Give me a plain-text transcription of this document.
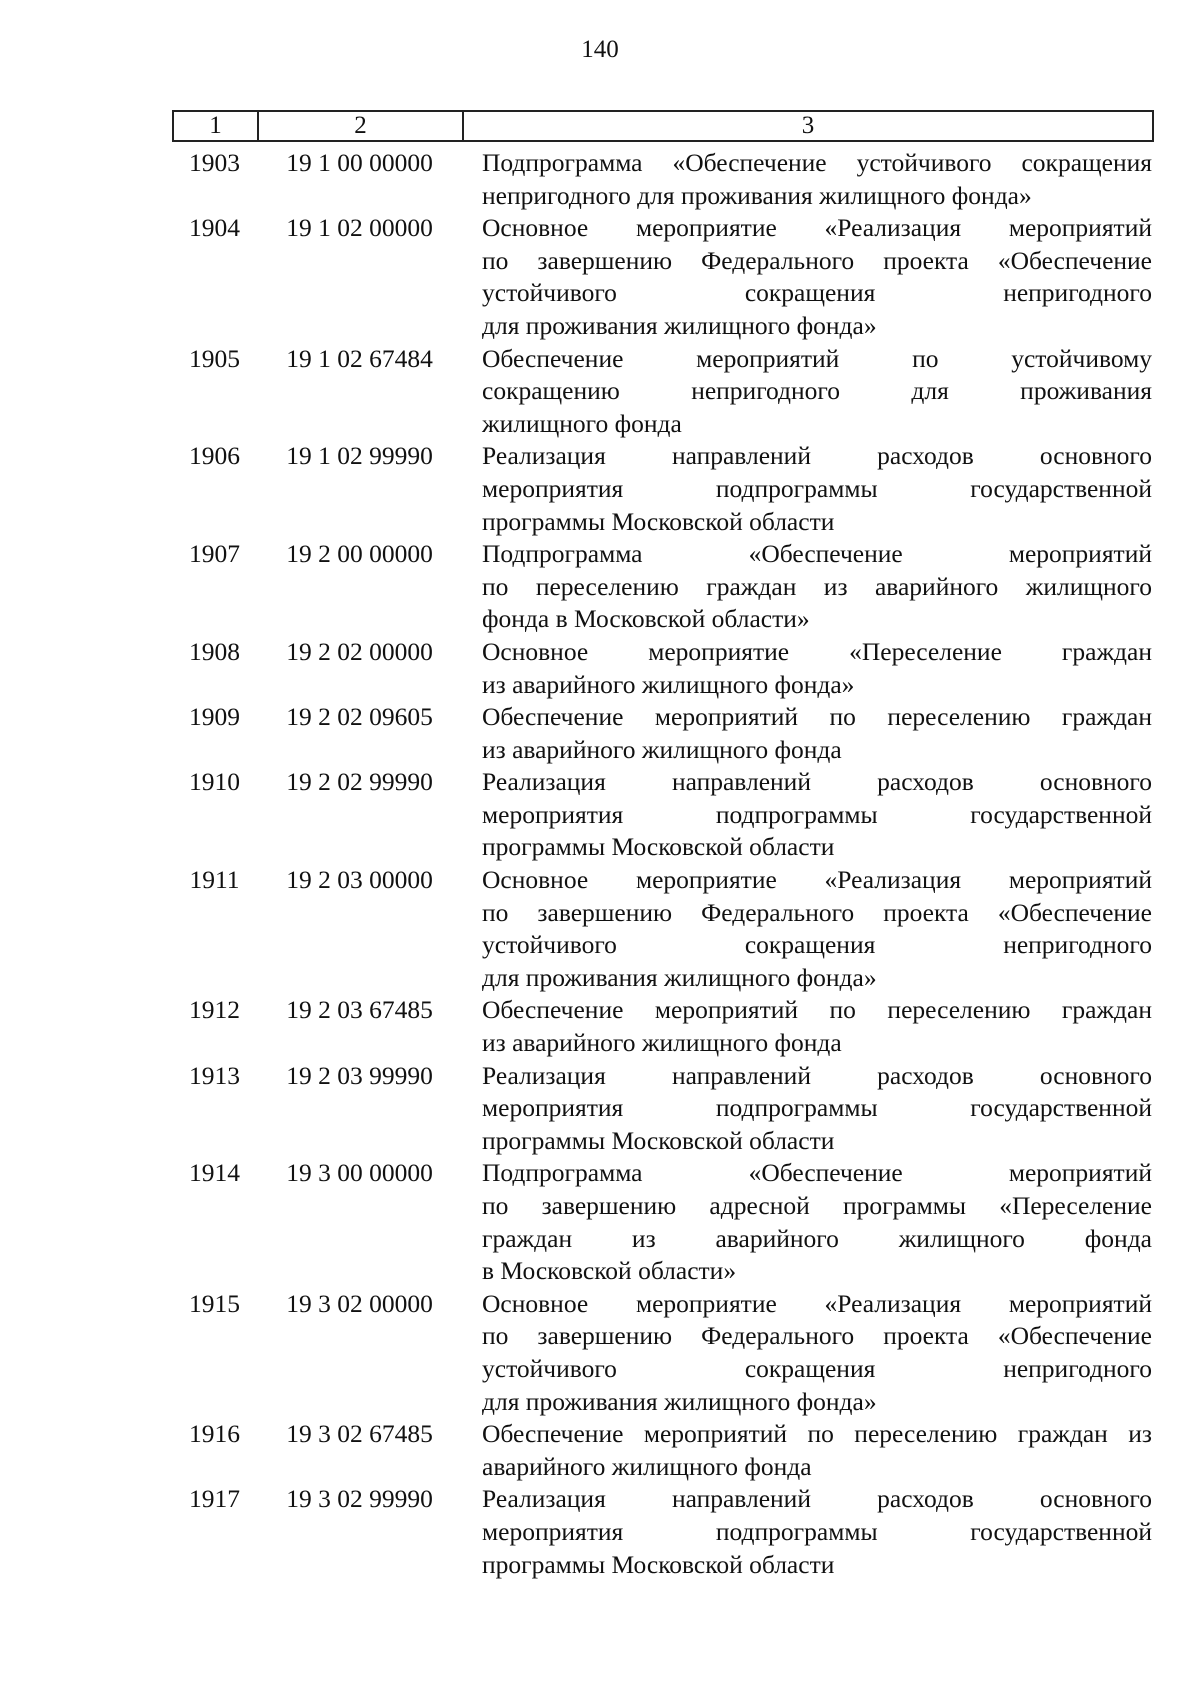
140
1	2	3
1903	19 1 00 00000	Подпрограмма «Обеспечение устойчивого сокращения
непригодного для проживания жилищного фонда»
1904	19 1 02 00000	Основное мероприятие «Реализация мероприятий
по завершению Федерального проекта «Обеспечение
устойчивого сокращения непригодного
для проживания жилищного фонда»
1905	19 1 02 67484	Обеспечение мероприятий по устойчивому
сокращению непригодного для проживания
жилищного фонда
1906	19 1 02 99990	Реализация направлений расходов основного
мероприятия подпрограммы государственной
программы Московской области
1907	19 2 00 00000	Подпрограмма «Обеспечение мероприятий
по переселению граждан из аварийного жилищного
фонда в Московской области»
1908	19 2 02 00000	Основное мероприятие «Переселение граждан
из аварийного жилищного фонда»
1909	19 2 02 09605	Обеспечение мероприятий по переселению граждан
из аварийного жилищного фонда
1910	19 2 02 99990	Реализация направлений расходов основного
мероприятия подпрограммы государственной
программы Московской области
1911	19 2 03 00000	Основное мероприятие «Реализация мероприятий
по завершению Федерального проекта «Обеспечение
устойчивого сокращения непригодного
для проживания жилищного фонда»
1912	19 2 03 67485	Обеспечение мероприятий по переселению граждан
из аварийного жилищного фонда
1913	19 2 03 99990	Реализация направлений расходов основного
мероприятия подпрограммы государственной
программы Московской области
1914	19 3 00 00000	Подпрограмма «Обеспечение мероприятий
по завершению адресной программы «Переселение
граждан из аварийного жилищного фонда
в Московской области»
1915	19 3 02 00000	Основное мероприятие «Реализация мероприятий
по завершению Федерального проекта «Обеспечение
устойчивого сокращения непригодного
для проживания жилищного фонда»
1916	19 3 02 67485	Обеспечение мероприятий по переселению граждан из
аварийного жилищного фонда
1917	19 3 02 99990	Реализация направлений расходов основного
мероприятия подпрограммы государственной
программы Московской области
